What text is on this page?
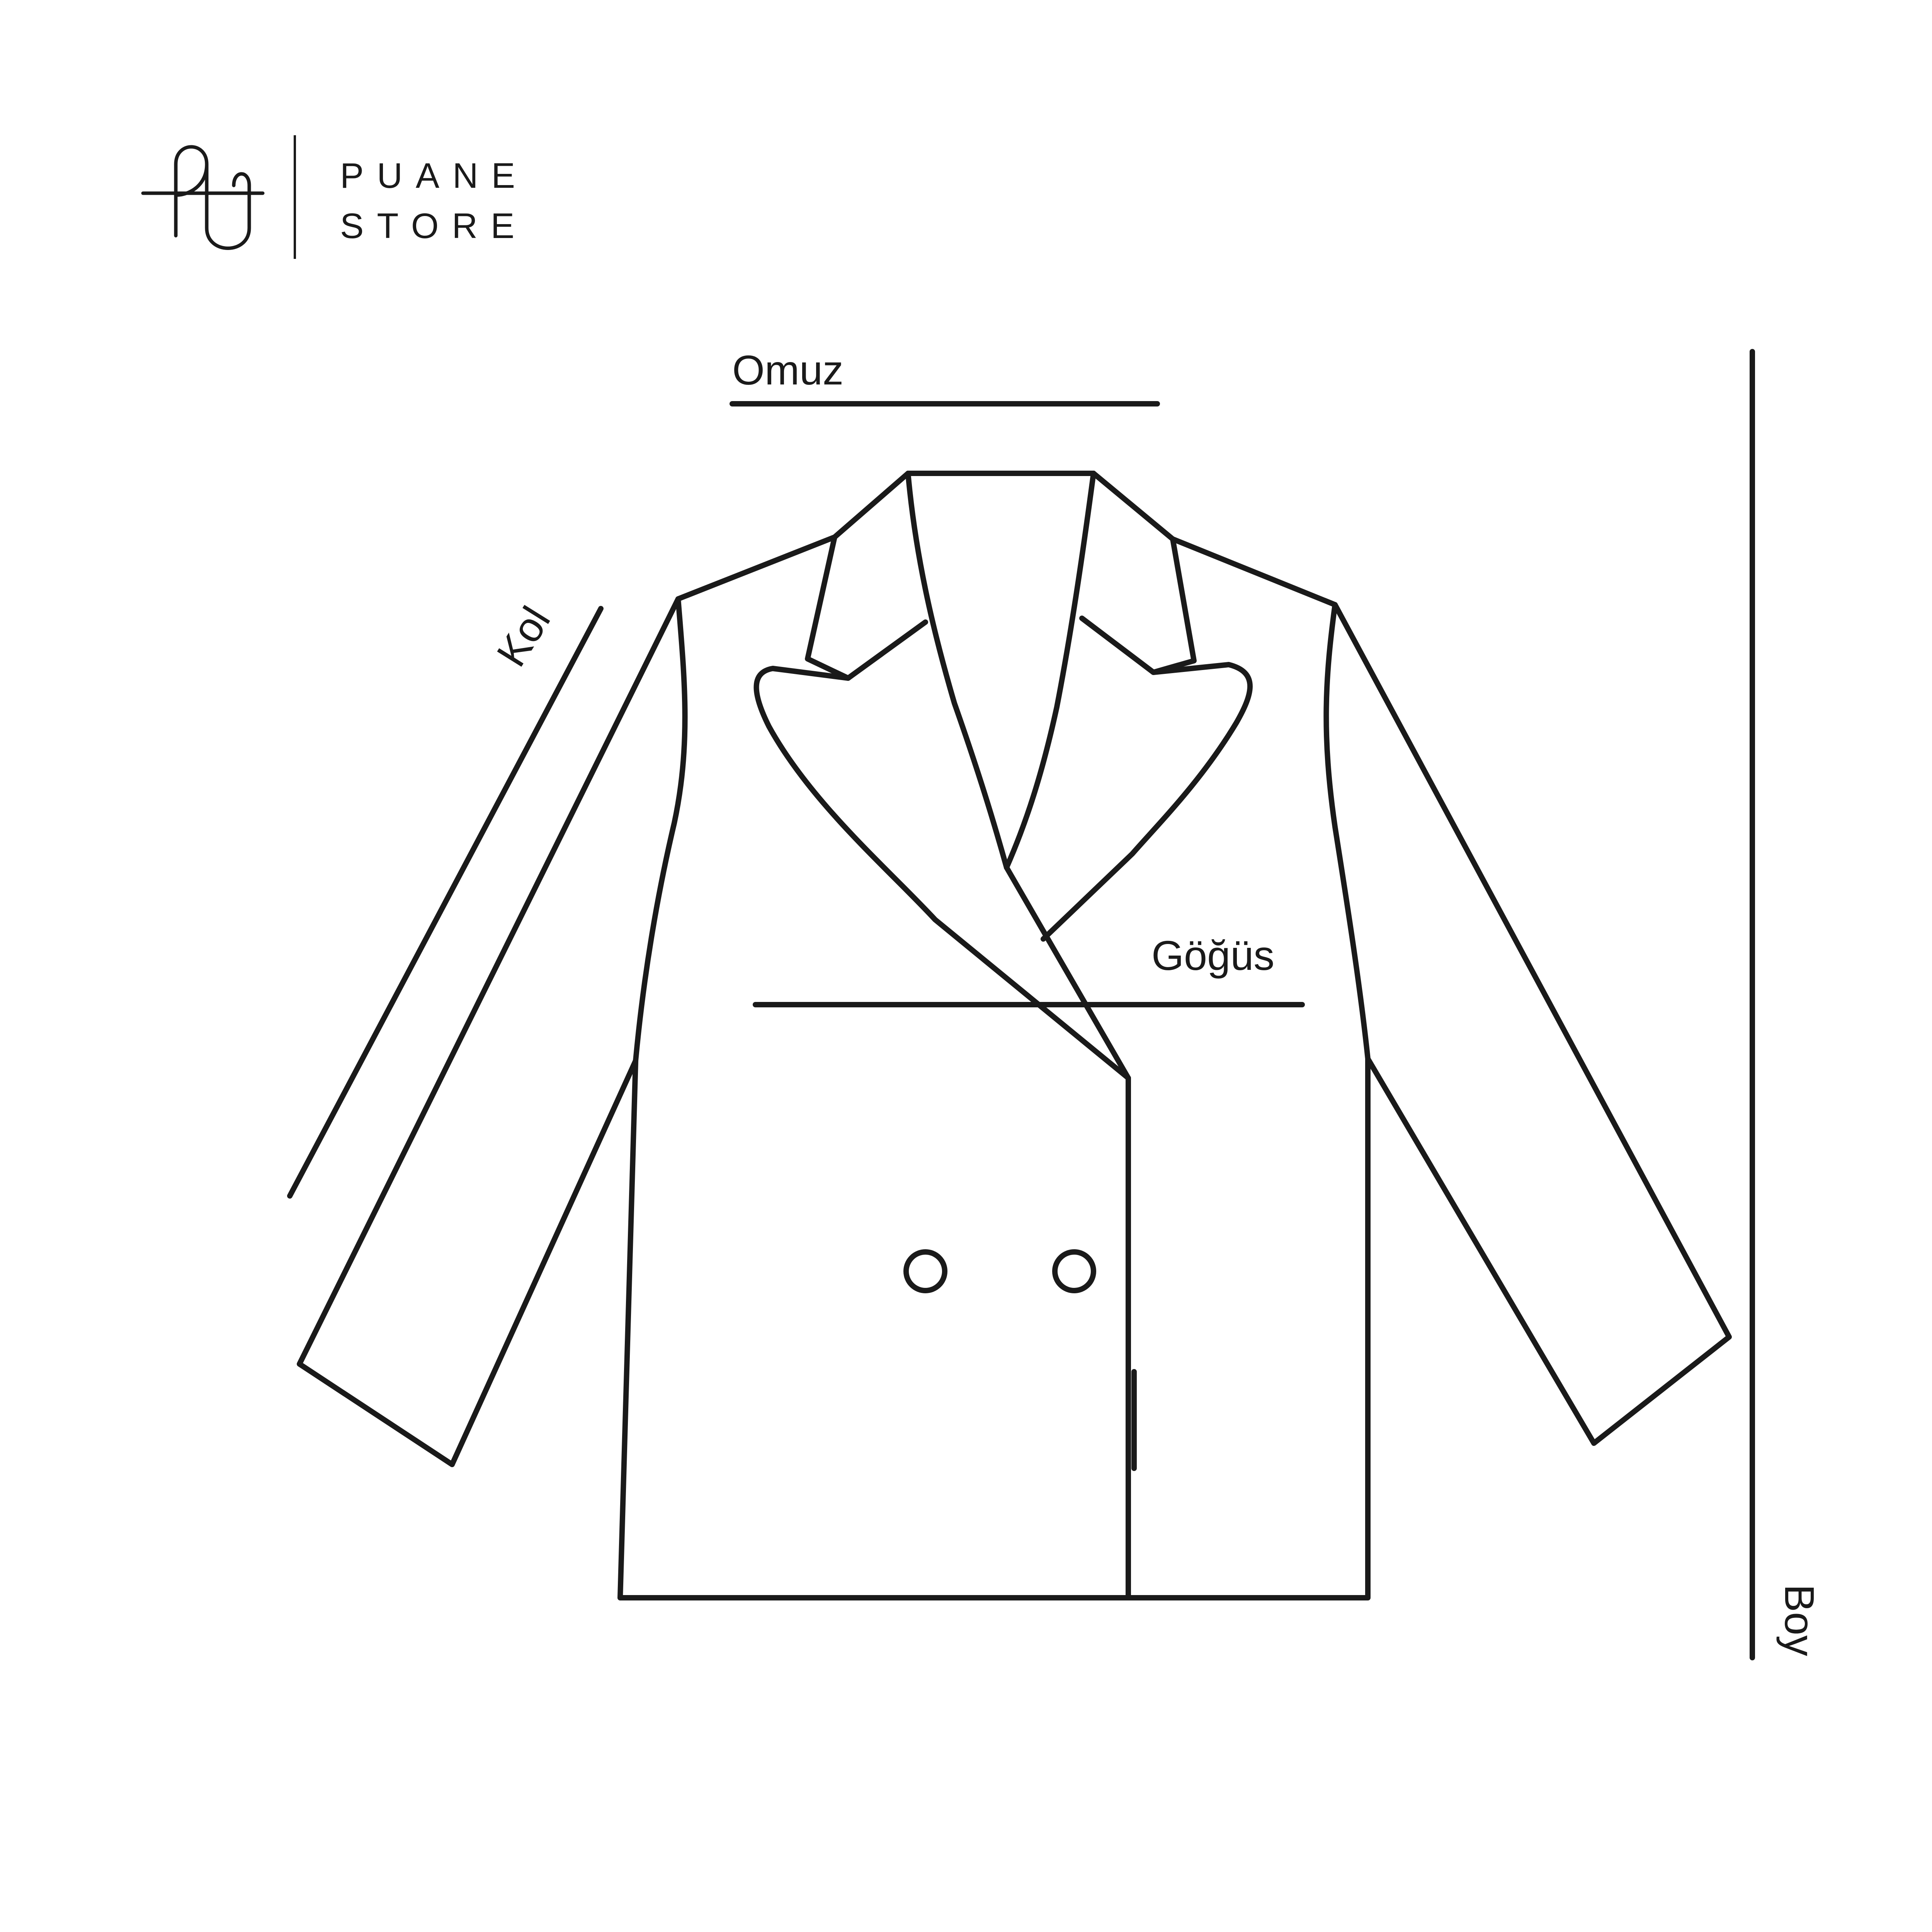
PUANE
STORE
Omuz
Göğüs
Kol
Boy
